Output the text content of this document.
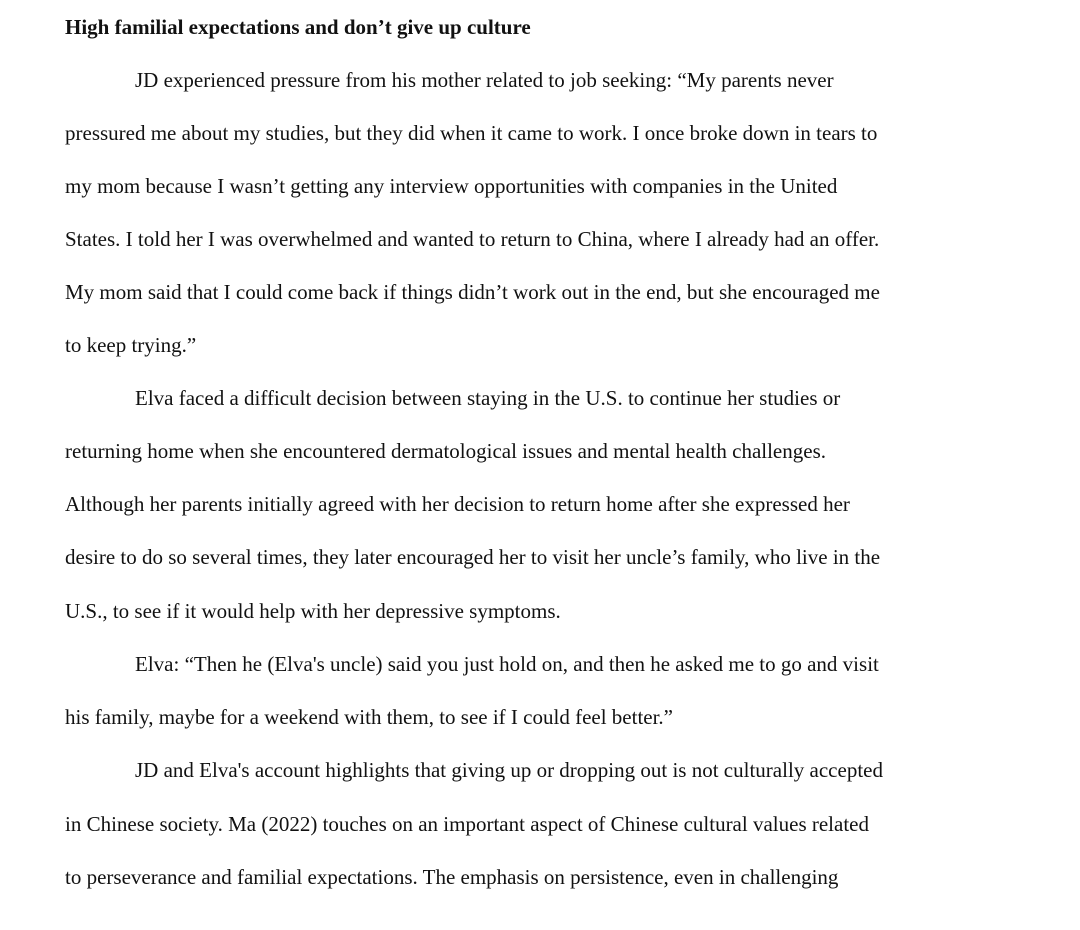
High familial expectations and don’t give up culture
JD experienced pressure from his mother related to job seeking: “My parents never
pressured me about my studies, but they did when it came to work. I once broke down in tears to
my mom because I wasn’t getting any interview opportunities with companies in the United
States. I told her I was overwhelmed and wanted to return to China, where I already had an offer.
My mom said that I could come back if things didn’t work out in the end, but she encouraged me
to keep trying.”
Elva faced a difficult decision between staying in the U.S. to continue her studies or
returning home when she encountered dermatological issues and mental health challenges.
Although her parents initially agreed with her decision to return home after she expressed her
desire to do so several times, they later encouraged her to visit her uncle’s family, who live in the
U.S., to see if it would help with her depressive symptoms.
Elva: “Then he (Elva's uncle) said you just hold on, and then he asked me to go and visit
his family, maybe for a weekend with them, to see if I could feel better.”
JD and Elva's account highlights that giving up or dropping out is not culturally accepted
in Chinese society. Ma (2022) touches on an important aspect of Chinese cultural values related
to perseverance and familial expectations. The emphasis on persistence, even in challenging
